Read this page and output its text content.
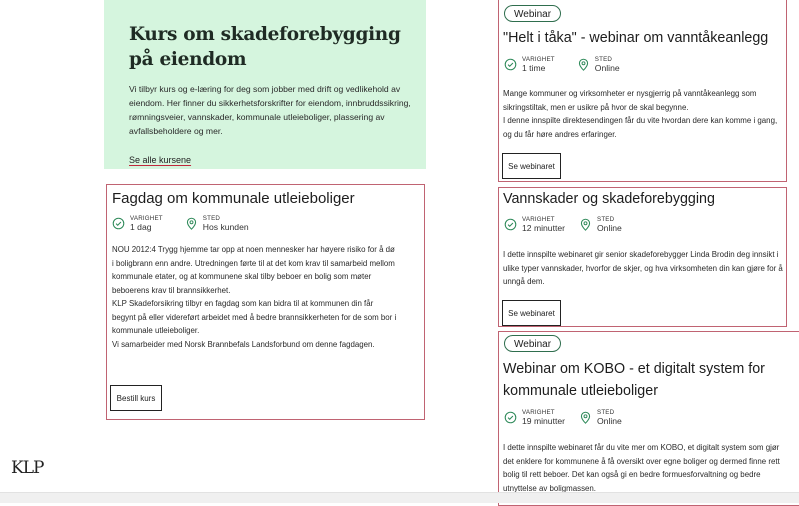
Kurs om skadeforebygging på eiendom

Vi tilbyr kurs og e-læring for deg som jobber med drift og vedlikehold av eiendom. Her finner du sikkerhetsforskrifter for eiendom, innbruddssikring, rømningsveier, vannskader, kommunale utleieboliger, plassering av avfallsbeholdere og mer.

Se alle kursene
Fagdag om kommunale utleieboliger
VARIGHET
1 dag
STED
Hos kunden

NOU 2012:4 Trygg hjemme tar opp at noen mennesker har høyere risiko for å dø i boligbrann enn andre. Utredningen førte til at det kom krav til samarbeid mellom kommunale etater, og at kommunene skal tilby beboer en bolig som møter beboerens krav til brannsikkerhet.

KLP Skadeforsikring tilbyr en fagdag som kan bidra til at kommunen din får begynt på eller videreført arbeidet med å bedre brannsikkerheten for de som bor i kommunale utleieboliger.

Vi samarbeider med Norsk Brannbefals Landsforbund om denne fagdagen.

Bestill kurs
Webinar
"Helt i tåka" - webinar om vanntåkeanlegg
VARIGHET
1 time
STED
Online

Mange kommuner og virksomheter er nysgjerrig på vanntåkeanlegg som sikringstiltak, men er usikre på hvor de skal begynne.

I denne innspilte direktesendingen får du vite hvordan dere kan komme i gang, og du får høre andres erfaringer.

Se webinaret
Vannskader og skadeforebygging
VARIGHET
12 minutter
STED
Online

I dette innspilte webinaret gir senior skadeforebygger Linda Brodin deg innsikt i ulike typer vannskader, hvorfor de skjer, og hva virksomheten din kan gjøre for å unngå dem.

Se webinaret
Webinar
Webinar om KOBO - et digitalt system for
kommunale utleieboliger
VARIGHET
19 minutter
STED
Online

I dette innspilte webinaret får du vite mer om KOBO, et digitalt system som gjør det enklere for kommunene å få oversikt over egne boliger og dermed finne rett bolig til rett beboer. Det kan også gi en bedre formuesforvaltning og bedre utnyttelse av boligmassen.

KLP
